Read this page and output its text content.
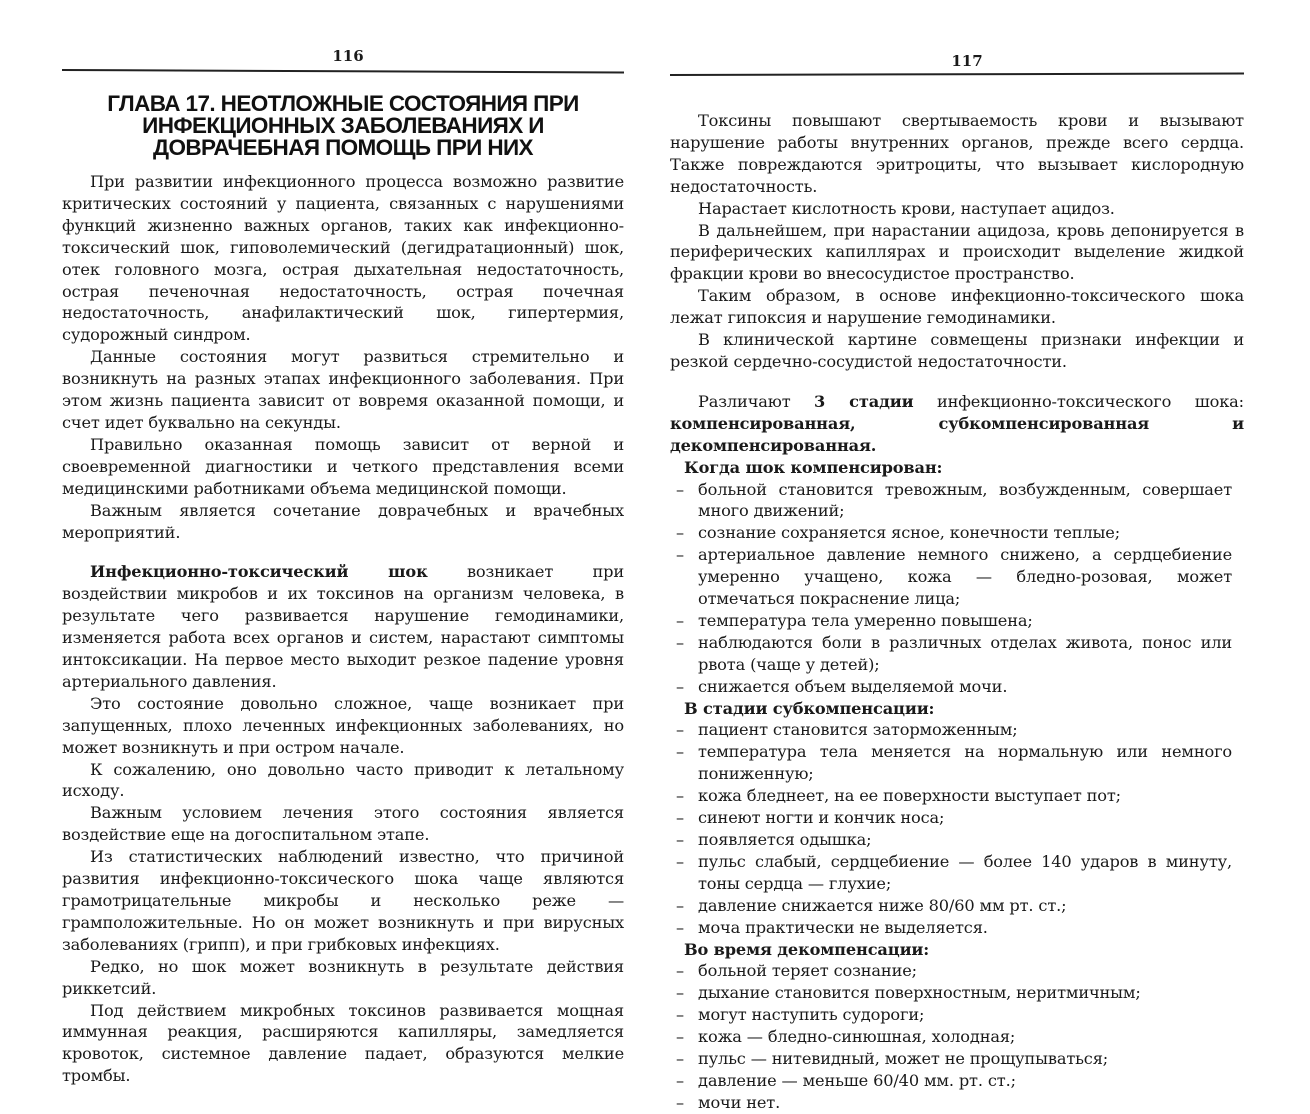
116
ГЛАВА 17. НЕОТЛОЖНЫЕ СОСТОЯНИЯ ПРИ ИНФЕКЦИОННЫХ ЗАБОЛЕВАНИЯХ И ДОВРАЧЕБНАЯ ПОМОЩЬ ПРИ НИХ

При развитии инфекционного процесса возможно развитие критических состояний у пациента, связанных с нарушениями функций жизненно важных органов, таких как инфекционно-токсический шок, гиповолемический (дегидратационный) шок, отек головного мозга, острая дыхательная недостаточность, острая печеночная недостаточность, острая почечная недостаточность, анафилактический шок, гипертермия, судорожный синдром.

Данные состояния могут развиться стремительно и возникнуть на разных этапах инфекционного заболевания. При этом жизнь пациента зависит от вовремя оказанной помощи, и счет идет буквально на секунды.

Правильно оказанная помощь зависит от верной и своевременной диагностики и четкого представления всеми медицинскими работниками объема медицинской помощи.

Важным является сочетание доврачебных и врачебных мероприятий.

Инфекционно-токсический шок возникает при воздействии микробов и их токсинов на организм человека, в результате чего развивается нарушение гемодинамики, изменяется работа всех органов и систем, нарастают симптомы интоксикации. На первое место выходит резкое падение уровня артериального давления.

Это состояние довольно сложное, чаще возникает при запущенных, плохо леченных инфекционных заболеваниях, но может возникнуть и при остром начале.

К сожалению, оно довольно часто приводит к летальному исходу.

Важным условием лечения этого состояния является воздействие еще на догоспитальном этапе.

Из статистических наблюдений известно, что причиной развития инфекционно-токсического шока чаще являются грамотрицательные микробы и несколько реже — грамположительные. Но он может возникнуть и при вирусных заболеваниях (грипп), и при грибковых инфекциях.

Редко, но шок может возникнуть в результате действия риккетсий.

Под действием микробных токсинов развивается мощная иммунная реакция, расширяются капилляры, замедляется кровоток, системное давление падает, образуются мелкие тромбы.

117

Токсины повышают свертываемость крови и вызывают нарушение работы внутренних органов, прежде всего сердца. Также повреждаются эритроциты, что вызывает кислородную недостаточность.

Нарастает кислотность крови, наступает ацидоз.

В дальнейшем, при нарастании ацидоза, кровь депонируется в периферических капиллярах и происходит выделение жидкой фракции крови во внесосудистое пространство.

Таким образом, в основе инфекционно-токсического шока лежат гипоксия и нарушение гемодинамики.

В клинической картине совмещены признаки инфекции и резкой сердечно-сосудистой недостаточности.

Различают 3 стадии инфекционно-токсического шока: компенсированная, субкомпенсированная и декомпенсированная.

Когда шок компенсирован:

– больной становится тревожным, возбужденным, совершает много движений;
– сознание сохраняется ясное, конечности теплые;
– артериальное давление немного снижено, а сердцебиение умеренно учащено, кожа — бледно-розовая, может отмечаться покраснение лица;
– температура тела умеренно повышена;
– наблюдаются боли в различных отделах живота, понос или рвота (чаще у детей);
– снижается объем выделяемой мочи.

В стадии субкомпенсации:

– пациент становится заторможенным;
– температура тела меняется на нормальную или немного пониженную;
– кожа бледнеет, на ее поверхности выступает пот;
– синеют ногти и кончик носа;
– появляется одышка;
– пульс слабый, сердцебиение — более 140 ударов в минуту, тоны сердца — глухие;
– давление снижается ниже 80/60 мм рт. ст.;
– моча практически не выделяется.

Во время декомпенсации:

– больной теряет сознание;
– дыхание становится поверхностным, неритмичным;
– могут наступить судороги;
– кожа — бледно-синюшная, холодная;
– пульс — нитевидный, может не прощупываться;
– давление — меньше 60/40 мм. рт. ст.;
– мочи нет.
